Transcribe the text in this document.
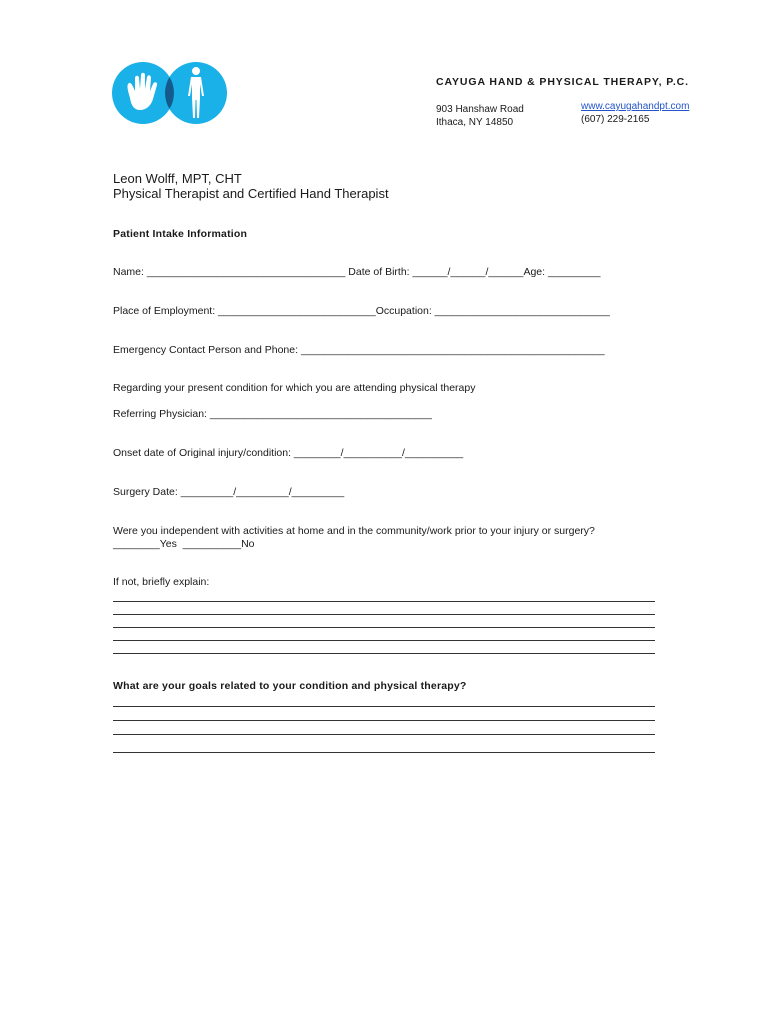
CAYUGA HAND & PHYSICAL THERAPY, P.C.
903 Hanshaw Road
Ithaca, NY 14850
www.cayugahandpt.com
(607) 229-2165
Leon Wolff, MPT, CHT
Physical Therapist and Certified Hand Therapist
Patient Intake Information
Name: __________________________________ Date of Birth: ______/______/______Age: _________
Place of Employment: ___________________________Occupation: ______________________________
Emergency Contact Person and Phone: ____________________________________________________
Regarding your present condition for which you are attending physical therapy
Referring Physician: ______________________________________
Onset date of Original injury/condition: ________/__________/__________
Surgery Date: _________/_________/_________
Were you independent with activities at home and in the community/work prior to your injury or surgery?
________Yes  __________No
If not, briefly explain:
What are your goals related to your condition and physical therapy?
